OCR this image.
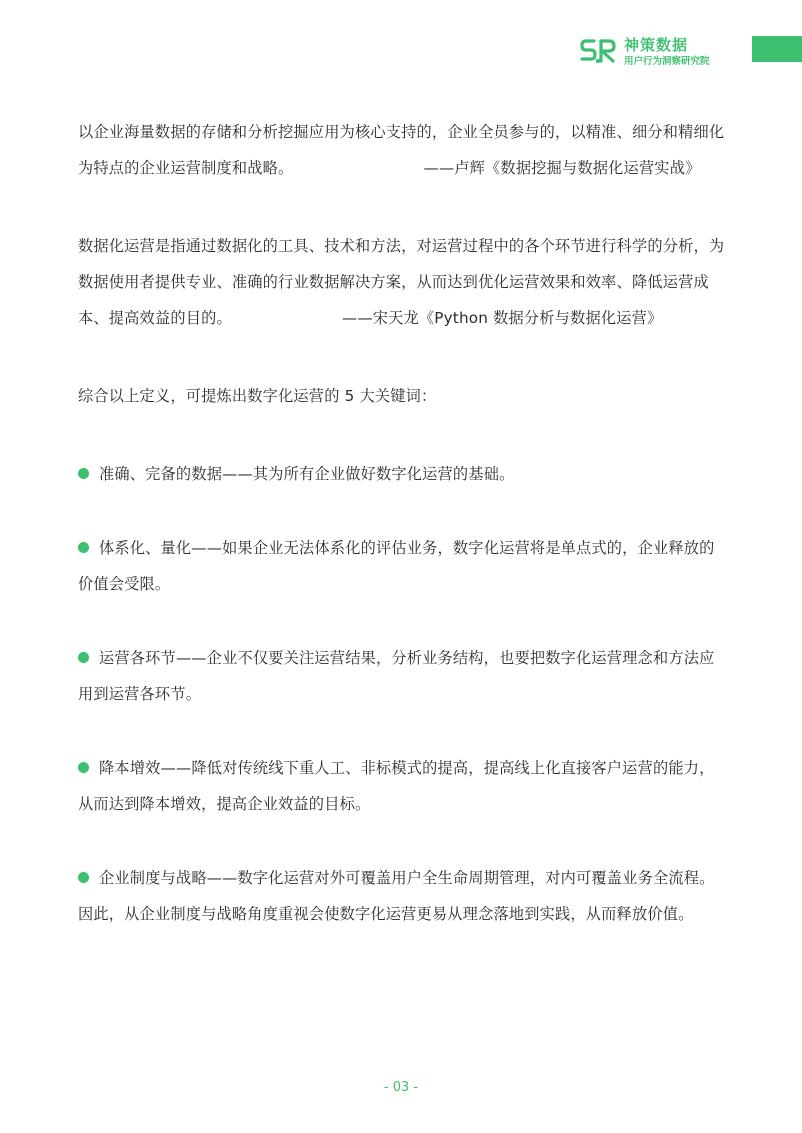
神策数据
用户行为洞察研究院

以企业海量数据的存储和分析挖掘应用为核心支持的，企业全员参与的，以精准、细分和精细化为特点的企业运营制度和战略。	——卢辉《数据挖掘与数据化运营实战》

数据化运营是指通过数据化的工具、技术和方法，对运营过程中的各个环节进行科学的分析，为数据使用者提供专业、准确的行业数据解决方案，从而达到优化运营效果和效率、降低运营成本、提高效益的目的。	——宋天龙《Python 数据分析与数据化运营》

综合以上定义，可提炼出数字化运营的 5 大关键词：

准确、完备的数据——其为所有企业做好数字化运营的基础。

体系化、量化——如果企业无法体系化的评估业务，数字化运营将是单点式的，企业释放的价值会受限。

运营各环节——企业不仅要关注运营结果，分析业务结构，也要把数字化运营理念和方法应用到运营各环节。

降本增效——降低对传统线下重人工、非标模式的提高，提高线上化直接客户运营的能力，从而达到降本增效，提高企业效益的目标。

企业制度与战略——数字化运营对外可覆盖用户全生命周期管理，对内可覆盖业务全流程。因此，从企业制度与战略角度重视会使数字化运营更易从理念落地到实践，从而释放价值。

- 03 -
